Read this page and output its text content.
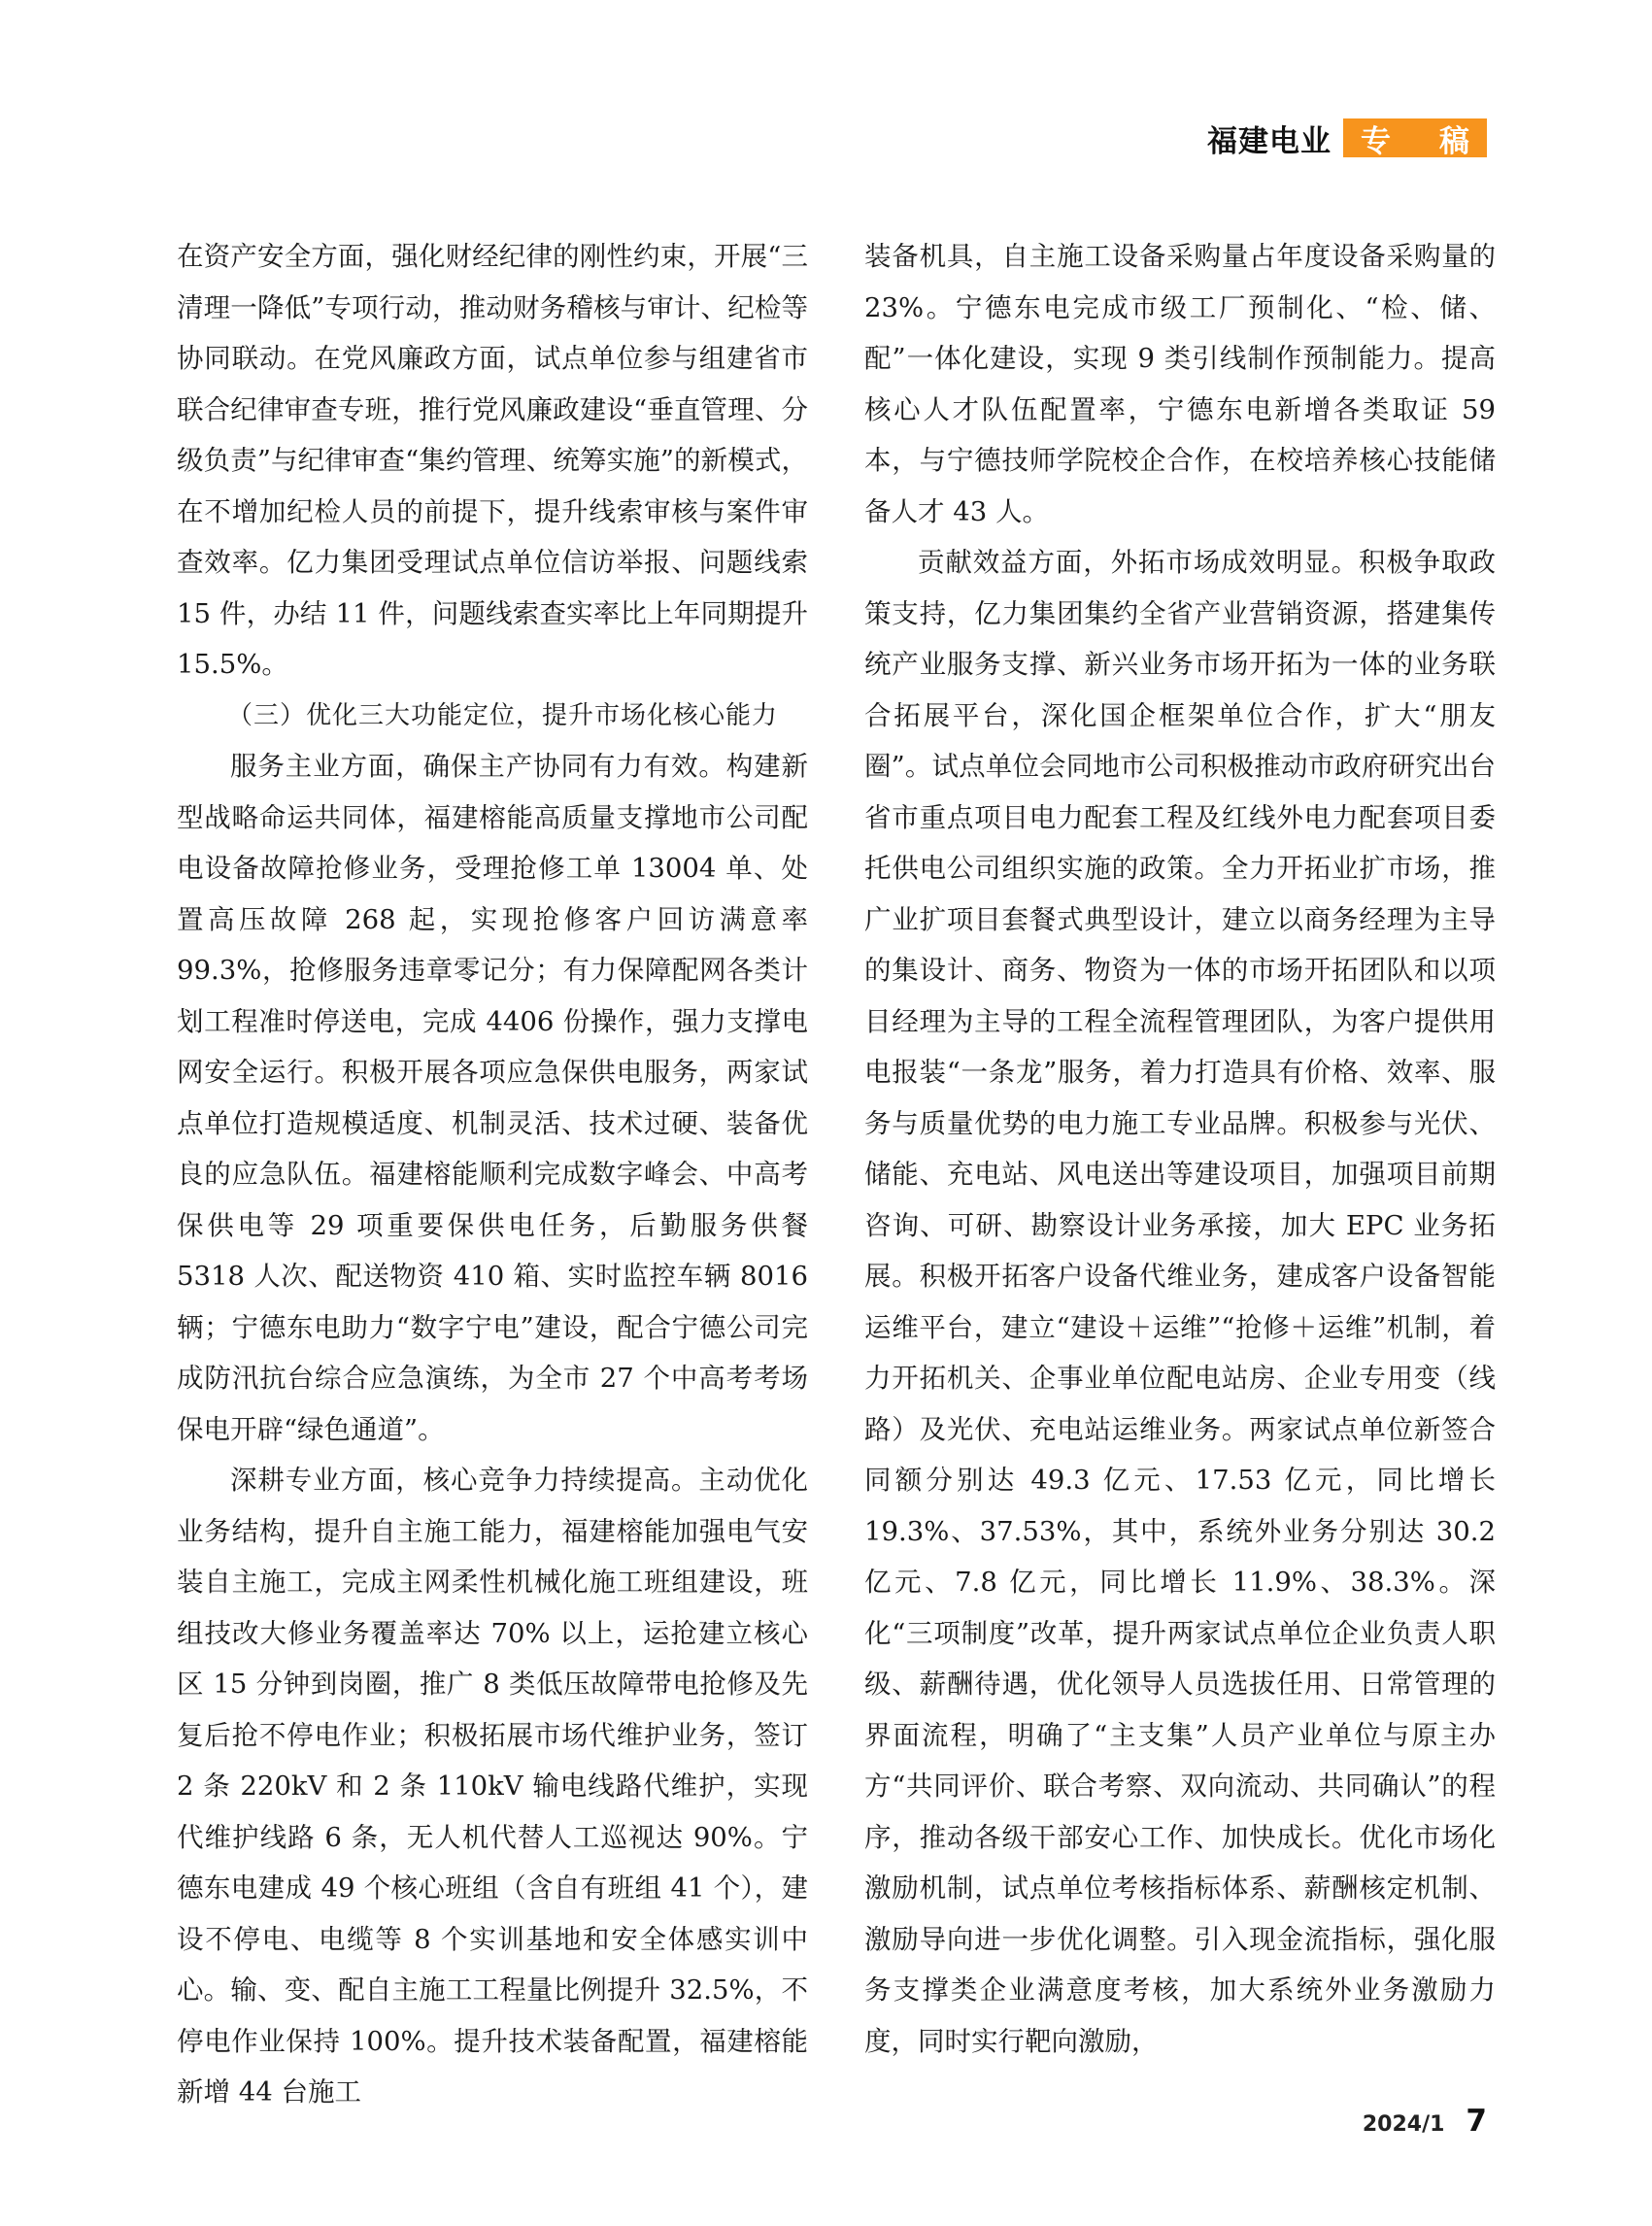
福建电业 专 稿

在资产安全方面，强化财经纪律的刚性约束，开展“三清理一降低”专项行动，推动财务稽核与审计、纪检等协同联动。在党风廉政方面，试点单位参与组建省市联合纪律审查专班，推行党风廉政建设“垂直管理、分级负责”与纪律审查“集约管理、统筹实施”的新模式，在不增加纪检人员的前提下，提升线索审核与案件审查效率。亿力集团受理试点单位信访举报、问题线索 15 件，办结 11 件，问题线索查实率比上年同期提升 15.5%。

（三）优化三大功能定位，提升市场化核心能力

服务主业方面，确保主产协同有力有效。构建新型战略命运共同体，福建榕能高质量支撑地市公司配电设备故障抢修业务，受理抢修工单 13004 单、处置高压故障 268 起，实现抢修客户回访满意率 99.3%，抢修服务违章零记分；有力保障配网各类计划工程准时停送电，完成 4406 份操作，强力支撑电网安全运行。积极开展各项应急保供电服务，两家试点单位打造规模适度、机制灵活、技术过硬、装备优良的应急队伍。福建榕能顺利完成数字峰会、中高考保供电等 29 项重要保供电任务，后勤服务供餐 5318 人次、配送物资 410 箱、实时监控车辆 8016 辆；宁德东电助力“数字宁电”建设，配合宁德公司完成防汛抗台综合应急演练，为全市 27 个中高考考场保电开辟“绿色通道”。

深耕专业方面，核心竞争力持续提高。主动优化业务结构，提升自主施工能力，福建榕能加强电气安装自主施工，完成主网柔性机械化施工班组建设，班组技改大修业务覆盖率达 70% 以上，运抢建立核心区 15 分钟到岗圈，推广 8 类低压故障带电抢修及先复后抢不停电作业；积极拓展市场代维护业务，签订 2 条 220kV 和 2 条 110kV 输电线路代维护，实现代维护线路 6 条，无人机代替人工巡视达 90%。宁德东电建成 49 个核心班组（含自有班组 41 个），建设不停电、电缆等 8 个实训基地和安全体感实训中心。输、变、配自主施工工程量比例提升 32.5%，不停电作业保持 100%。提升技术装备配置，福建榕能新增 44 台施工

装备机具，自主施工设备采购量占年度设备采购量的 23%。宁德东电完成市级工厂预制化、“检、储、配”一体化建设，实现 9 类引线制作预制能力。提高核心人才队伍配置率，宁德东电新增各类取证 59 本，与宁德技师学院校企合作，在校培养核心技能储备人才 43 人。

贡献效益方面，外拓市场成效明显。积极争取政策支持，亿力集团集约全省产业营销资源，搭建集传统产业服务支撑、新兴业务市场开拓为一体的业务联合拓展平台，深化国企框架单位合作，扩大“朋友圈”。试点单位会同地市公司积极推动市政府研究出台省市重点项目电力配套工程及红线外电力配套项目委托供电公司组织实施的政策。全力开拓业扩市场，推广业扩项目套餐式典型设计，建立以商务经理为主导的集设计、商务、物资为一体的市场开拓团队和以项目经理为主导的工程全流程管理团队，为客户提供用电报装“一条龙”服务，着力打造具有价格、效率、服务与质量优势的电力施工专业品牌。积极参与光伏、储能、充电站、风电送出等建设项目，加强项目前期咨询、可研、勘察设计业务承接，加大 EPC 业务拓展。积极开拓客户设备代维业务，建成客户设备智能运维平台，建立“建设＋运维”“抢修＋运维”机制，着力开拓机关、企事业单位配电站房、企业专用变（线路）及光伏、充电站运维业务。两家试点单位新签合同额分别达 49.3 亿元、17.53 亿元，同比增长 19.3%、37.53%，其中，系统外业务分别达 30.2 亿元、7.8 亿元，同比增长 11.9%、38.3%。深化“三项制度”改革，提升两家试点单位企业负责人职级、薪酬待遇，优化领导人员选拔任用、日常管理的界面流程，明确了“主支集”人员产业单位与原主办方“共同评价、联合考察、双向流动、共同确认”的程序，推动各级干部安心工作、加快成长。优化市场化激励机制，试点单位考核指标体系、薪酬核定机制、激励导向进一步优化调整。引入现金流指标，强化服务支撑类企业满意度考核，加大系统外业务激励力度，同时实行靶向激励，

2024/1 7
